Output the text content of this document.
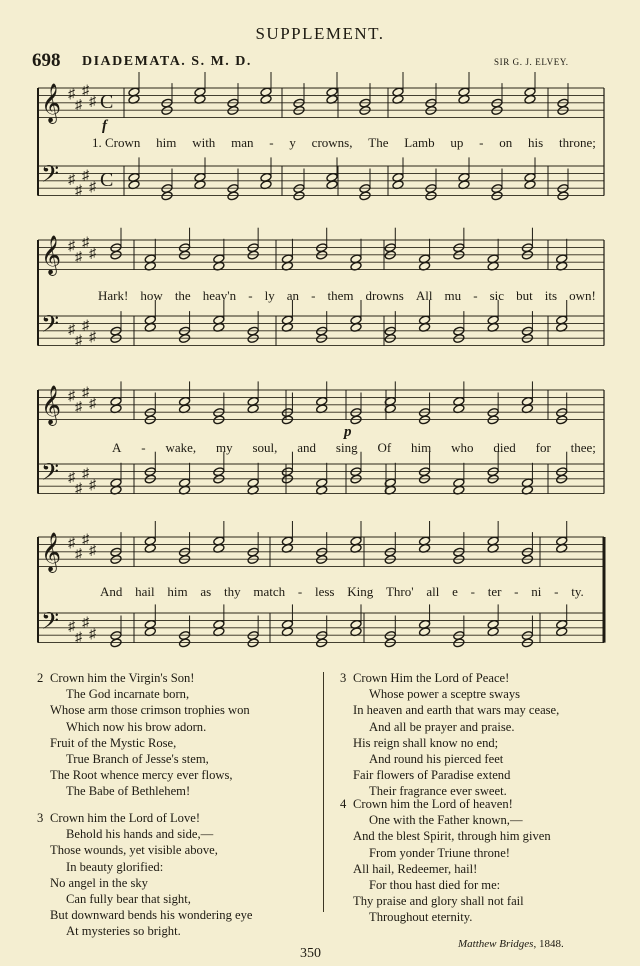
SUPPLEMENT.
698 DIADEMATA. S. M. D.	SIR G. J. ELVEY.
𝄞 ♯
♯
♯
♯ C
𝄢 ♯
♯
♯
♯ C
𝄞 ♯
♯
♯
♯
𝄢 ♯
♯
♯
♯
𝄞 ♯
♯
♯
♯
𝄢 ♯
♯
♯
♯
𝄞 ♯
♯
♯
♯
𝄢 ♯
♯
♯
♯
f
p
1. Crown him with man - y crowns, The Lamb up - on his throne;
Hark! how the heav'n - ly an - them drowns All mu - sic but its own!
A - wake, my soul, and sing Of him who died for thee;
And hail him as thy match - less King Thro' all e - ter - ni - ty.
2 Crown him the Virgin's Son!
The God incarnate born,
Whose arm those crimson trophies won
Which now his brow adorn.
Fruit of the Mystic Rose,
True Branch of Jesse's stem,
The Root whence mercy ever flows,
The Babe of Bethlehem!
3 Crown him the Lord of Love!
Behold his hands and side,—
Those wounds, yet visible above,
In beauty glorified:
No angel in the sky
Can fully bear that sight,
But downward bends his wondering eye
At mysteries so bright.
3 Crown Him the Lord of Peace!
Whose power a sceptre sways
In heaven and earth that wars may cease,
And all be prayer and praise.
His reign shall know no end;
And round his pierced feet
Fair flowers of Paradise extend
Their fragrance ever sweet.
4 Crown him the Lord of heaven!
One with the Father known,—
And the blest Spirit, through him given
From yonder Triune throne!
All hail, Redeemer, hail!
For thou hast died for me:
Thy praise and glory shall not fail
Throughout eternity.
Matthew Bridges, 1848.
350
